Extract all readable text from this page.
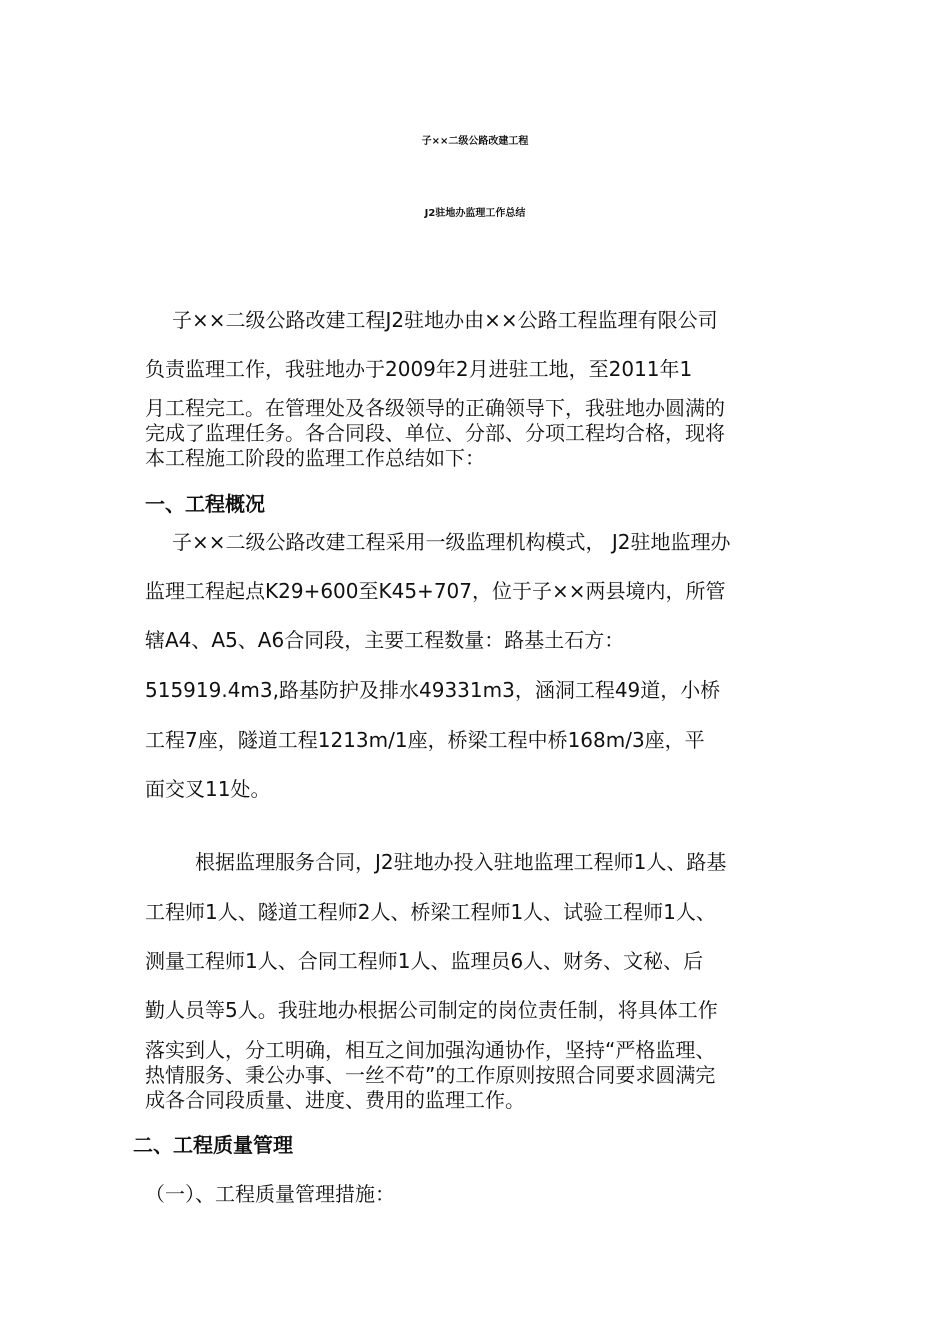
子××二级公路改建工程
J2驻地办监理工作总结
子××二级公路改建工程J2驻地办由××公路工程监理有限公司
负责监理工作，我驻地办于2009年2月进驻工地，至2011年1
月工程完工。在管理处及各级领导的正确领导下，我驻地办圆满的
完成了监理任务。各合同段、单位、分部、分项工程均合格，现将
本工程施工阶段的监理工作总结如下：
一、工程概况
子××二级公路改建工程采用一级监理机构模式， J2驻地监理办
监理工程起点K29+600至K45+707，位于子××两县境内，所管
辖A4、A5、A6合同段，主要工程数量：路基土石方：
515919.4m3,路基防护及排水49331m3，涵洞工程49道，小桥
工程7座，隧道工程1213m/1座，桥梁工程中桥168m/3座，平
面交叉11处。
根据监理服务合同，J2驻地办投入驻地监理工程师1人、路基
工程师1人、隧道工程师2人、桥梁工程师1人、试验工程师1人、
测量工程师1人、合同工程师1人、监理员6人、财务、文秘、后
勤人员等5人。我驻地办根据公司制定的岗位责任制，将具体工作
落实到人，分工明确，相互之间加强沟通协作，坚持“严格监理、
热情服务、秉公办事、一丝不苟”的工作原则按照合同要求圆满完
成各合同段质量、进度、费用的监理工作。
二、工程质量管理
（一）、工程质量管理措施：
